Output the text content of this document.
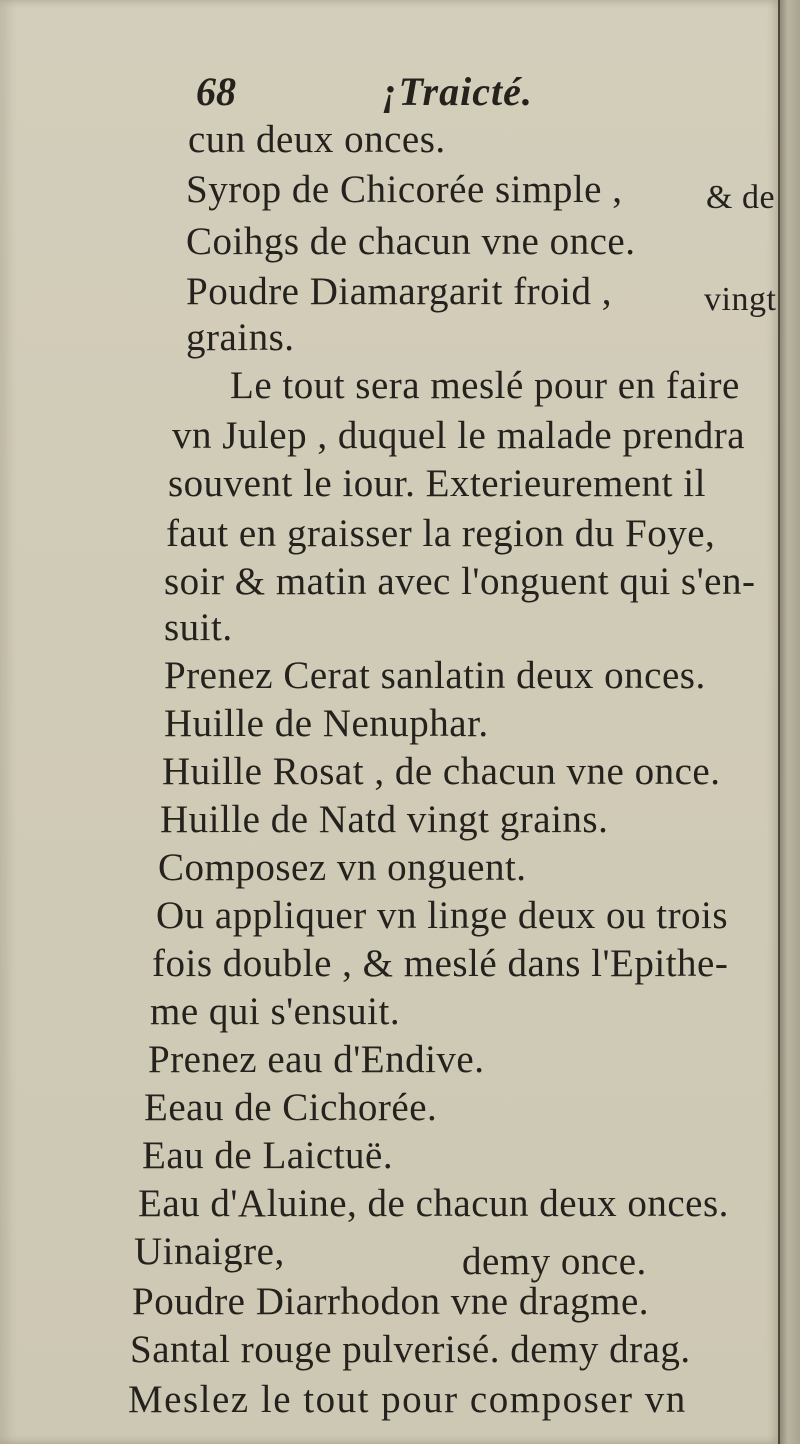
68	¡Traicté.

cun deux onces.

Syrop de Chicorée simple , & de

Coihgs de chacun vne once.

Poudre Diamargarit froid ,	vingt

grains.

Le tout sera meslé pour en faire

vn Julep , duquel le malade prendra

souvent le iour. Exterieurement il

faut en graisser la region du Foye,

soir & matin avec l'onguent qui s'en-

suit.

Prenez Cerat sanlatin deux onces.

Huille de Nenuphar.

Huille Rosat , de chacun vne once.

Huille de Natd vingt grains.

Composez vn onguent.

Ou appliquer vn linge deux ou trois

fois double , & meslé dans l'Epithe-

me qui s'ensuit.

Prenez eau d'Endive.

Eeau de Cichorée.

Eau de Laictuë.

Eau d'Aluine, de chacun deux onces.

Uinaigre,	demy once.

Poudre Diarrhodon vne dragme.

Santal rouge pulverisé. demy drag.

Meslez le tout pour composer vn
